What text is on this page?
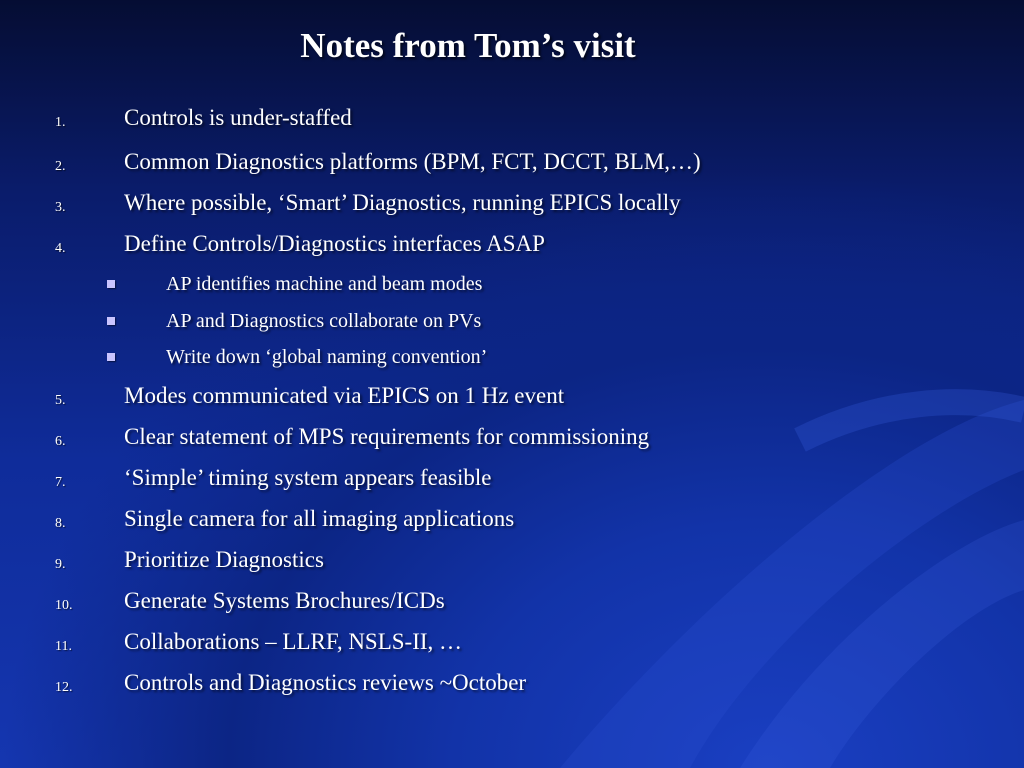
Notes from Tom’s visit
1.	Controls is under-staffed
2.	Common Diagnostics platforms (BPM, FCT, DCCT, BLM,…)
3.	Where possible, ‘Smart’ Diagnostics, running EPICS locally
4.	Define Controls/Diagnostics interfaces ASAP
AP identifies machine and beam modes
AP and Diagnostics collaborate on PVs
Write down ‘global naming convention’
5.	Modes communicated via EPICS on 1 Hz event
6.	Clear statement of MPS requirements for commissioning
7.	‘Simple’ timing system appears feasible
8.	Single camera for all imaging applications
9.	Prioritize Diagnostics
10. Generate Systems Brochures/ICDs
11. Collaborations – LLRF, NSLS-II, …
12. Controls and Diagnostics reviews ~October
